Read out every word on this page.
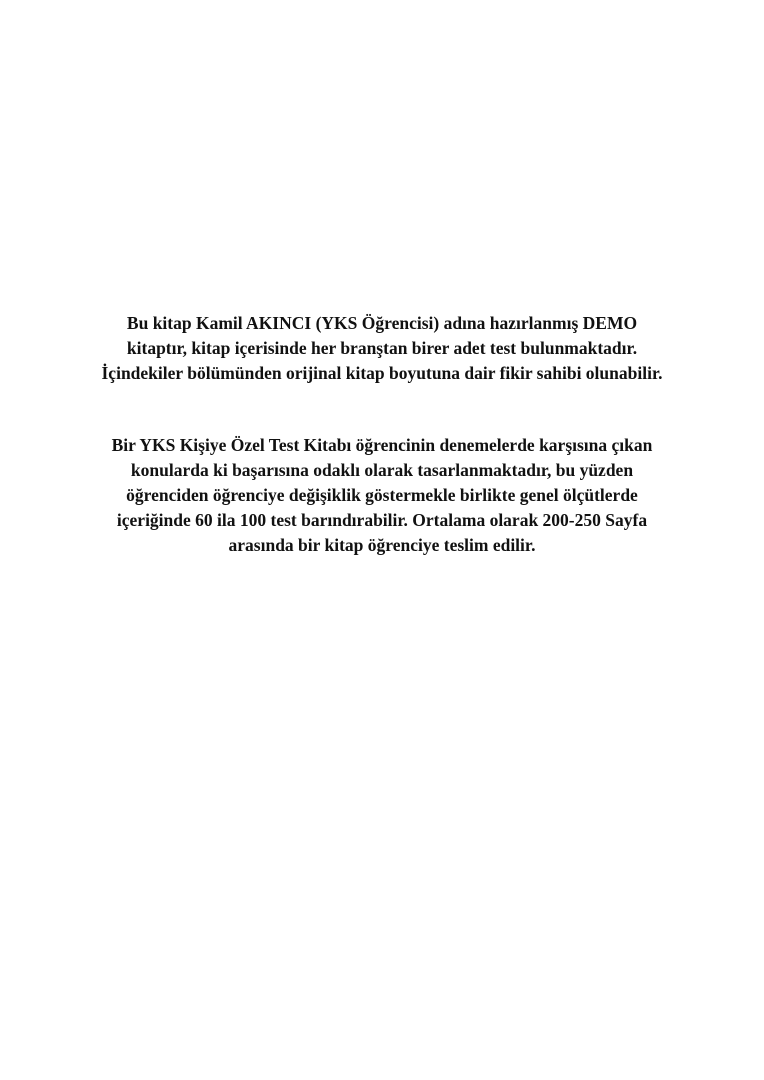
Bu kitap Kamil AKINCI (YKS Öğrencisi) adına hazırlanmış DEMO
kitaptır, kitap içerisinde her branştan birer adet test bulunmaktadır.
İçindekiler bölümünden orijinal kitap boyutuna dair fikir sahibi olunabilir.

Bir YKS Kişiye Özel Test Kitabı öğrencinin denemelerde karşısına çıkan
konularda ki başarısına odaklı olarak tasarlanmaktadır, bu yüzden
öğrenciden öğrenciye değişiklik göstermekle birlikte genel ölçütlerde
içeriğinde 60 ila 100 test barındırabilir. Ortalama olarak 200-250 Sayfa
arasında bir kitap öğrenciye teslim edilir.
